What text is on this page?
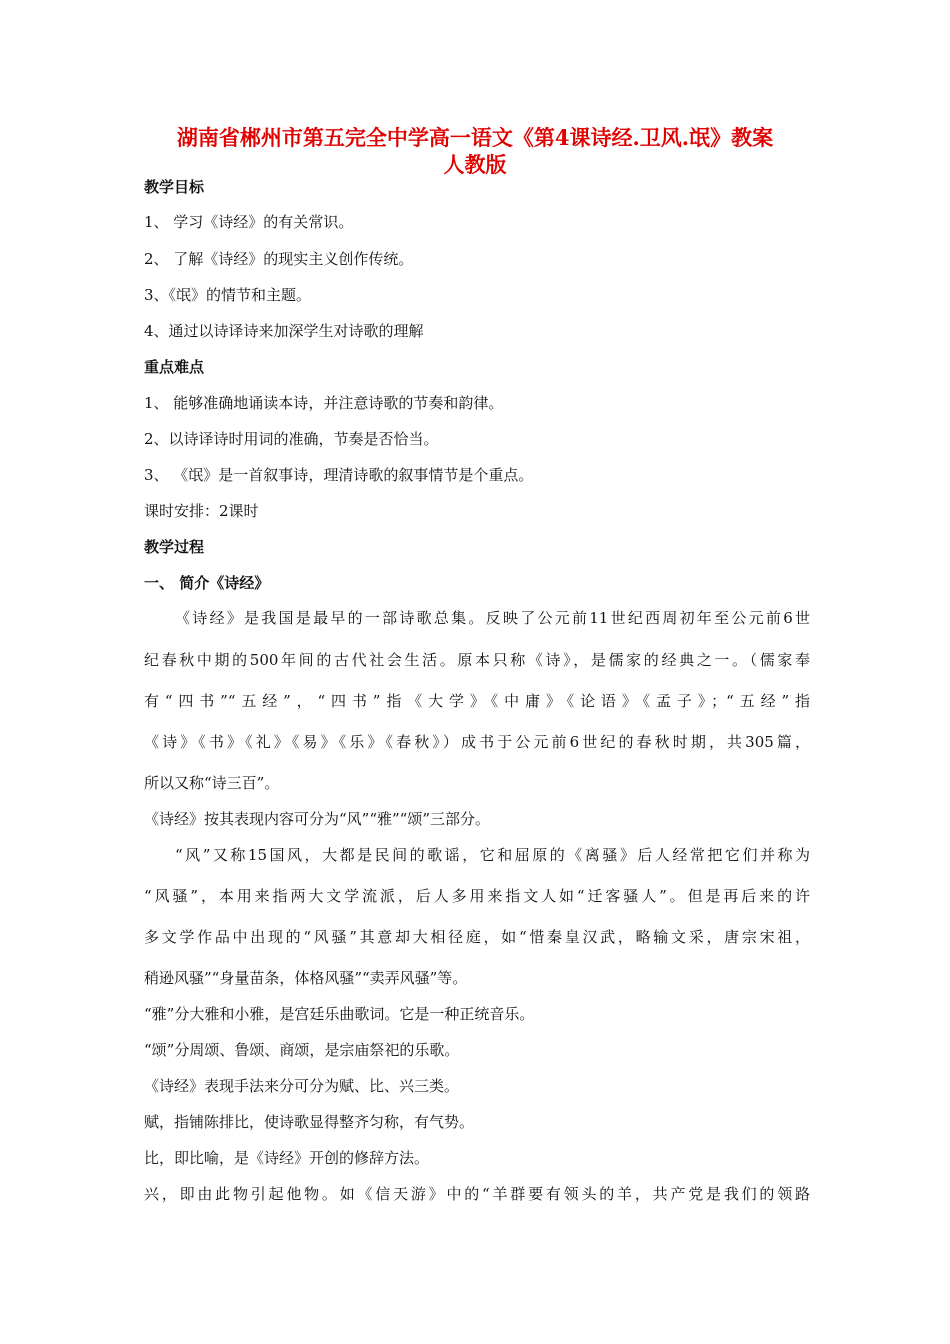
湖南省郴州市第五完全中学高一语文《第4课诗经.卫风.氓》教案
人教版
教学目标
1、 学习《诗经》的有关常识。
2、 了解《诗经》的现实主义创作传统。
3、《氓》的情节和主题。
4、通过以诗译诗来加深学生对诗歌的理解
重点难点
1、 能够准确地诵读本诗，并注意诗歌的节奏和韵律。
2、以诗译诗时用词的准确，节奏是否恰当。
3、 《氓》是一首叙事诗，理清诗歌的叙事情节是个重点。
课时安排：2课时
教学过程
一、 简介《诗经》
《诗经》是我国是最早的一部诗歌总集。反映了公元前11世纪西周初年至公元前6世
纪春秋中期的500年间的古代社会生活。原本只称《诗》，是儒家的经典之一。（儒家奉
有“四书”“五经”，“四书”指《大学》《中庸》《论语》《孟子》；“五经”指
《诗》《书》《礼》《易》《乐》《春秋》）成书于公元前6世纪的春秋时期，共305篇，
所以又称“诗三百”。
《诗经》按其表现内容可分为“风”“雅”“颂”三部分。
“风”又称15国风，大都是民间的歌谣，它和屈原的《离骚》后人经常把它们并称为
“风骚”，本用来指两大文学流派，后人多用来指文人如“迁客骚人”。但是再后来的许
多文学作品中出现的“风骚”其意却大相径庭，如“惜秦皇汉武，略输文采，唐宗宋祖，
稍逊风骚”“身量苗条，体格风骚”“卖弄风骚”等。
“雅”分大雅和小雅，是宫廷乐曲歌词。它是一种正统音乐。
“颂”分周颂、鲁颂、商颂，是宗庙祭祀的乐歌。
《诗经》表现手法来分可分为赋、比、兴三类。
赋，指铺陈排比，使诗歌显得整齐匀称，有气势。
比，即比喻，是《诗经》开创的修辞方法。
兴，即由此物引起他物。如《信天游》中的“羊群要有领头的羊，共产党是我们的领路
